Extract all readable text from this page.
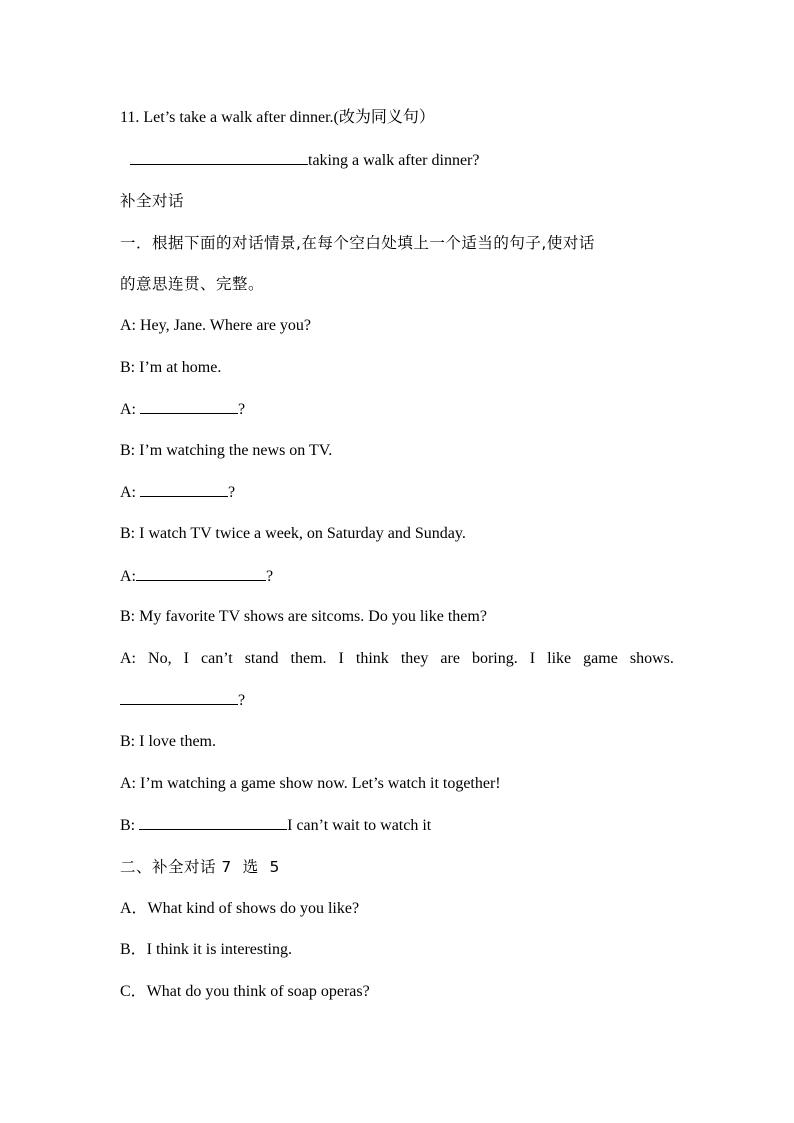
11. Let’s take a walk after dinner.(改为同义句）
taking a walk after dinner?
补全对话
一．根据下面的对话情景,在每个空白处填上一个适当的句子,使对话
的意思连贯、完整。
A: Hey, Jane. Where are you?
B: I’m at home.
A:	?
B: I’m watching the news on TV.
A:	?
B: I watch TV twice a week, on Saturday and Sunday.
A:	?
B: My favorite TV shows are sitcoms. Do you like them?
A: No, I can’t stand them. I think they are boring. I like game shows.
?
B: I love them.
A: I’m watching a game show now. Let’s watch it together!
B:	I can’t wait to watch it
二、补全对话 7  选  5
A．What kind of shows do you like?
B．I think it is interesting.
C．What do you think of soap operas?
